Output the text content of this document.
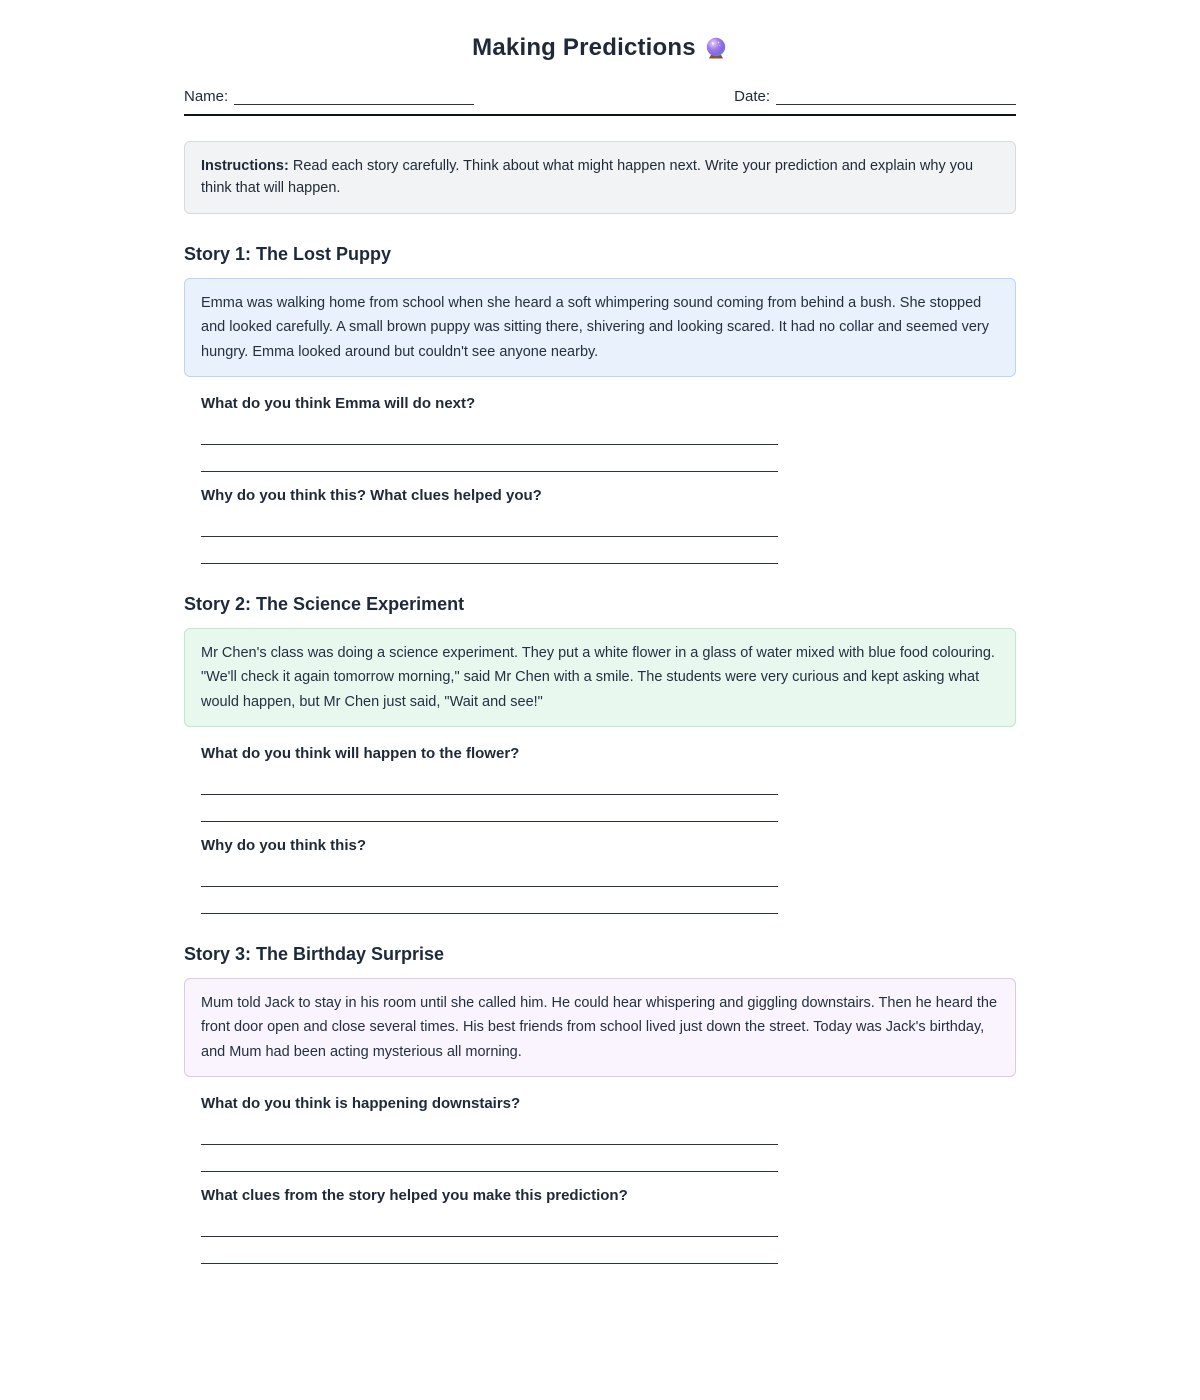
Making Predictions
Name:	Date:
Instructions: Read each story carefully. Think about what might happen next. Write your prediction and explain why you think that will happen.
Story 1: The Lost Puppy
Emma was walking home from school when she heard a soft whimpering sound coming from behind a bush. She stopped and looked carefully. A small brown puppy was sitting there, shivering and looking scared. It had no collar and seemed very hungry. Emma looked around but couldn't see anyone nearby.
What do you think Emma will do next?
Why do you think this? What clues helped you?
Story 2: The Science Experiment
Mr Chen's class was doing a science experiment. They put a white flower in a glass of water mixed with blue food colouring. "We'll check it again tomorrow morning," said Mr Chen with a smile. The students were very curious and kept asking what would happen, but Mr Chen just said, "Wait and see!"
What do you think will happen to the flower?
Why do you think this?
Story 3: The Birthday Surprise
Mum told Jack to stay in his room until she called him. He could hear whispering and giggling downstairs. Then he heard the front door open and close several times. His best friends from school lived just down the street. Today was Jack's birthday, and Mum had been acting mysterious all morning.
What do you think is happening downstairs?
What clues from the story helped you make this prediction?
